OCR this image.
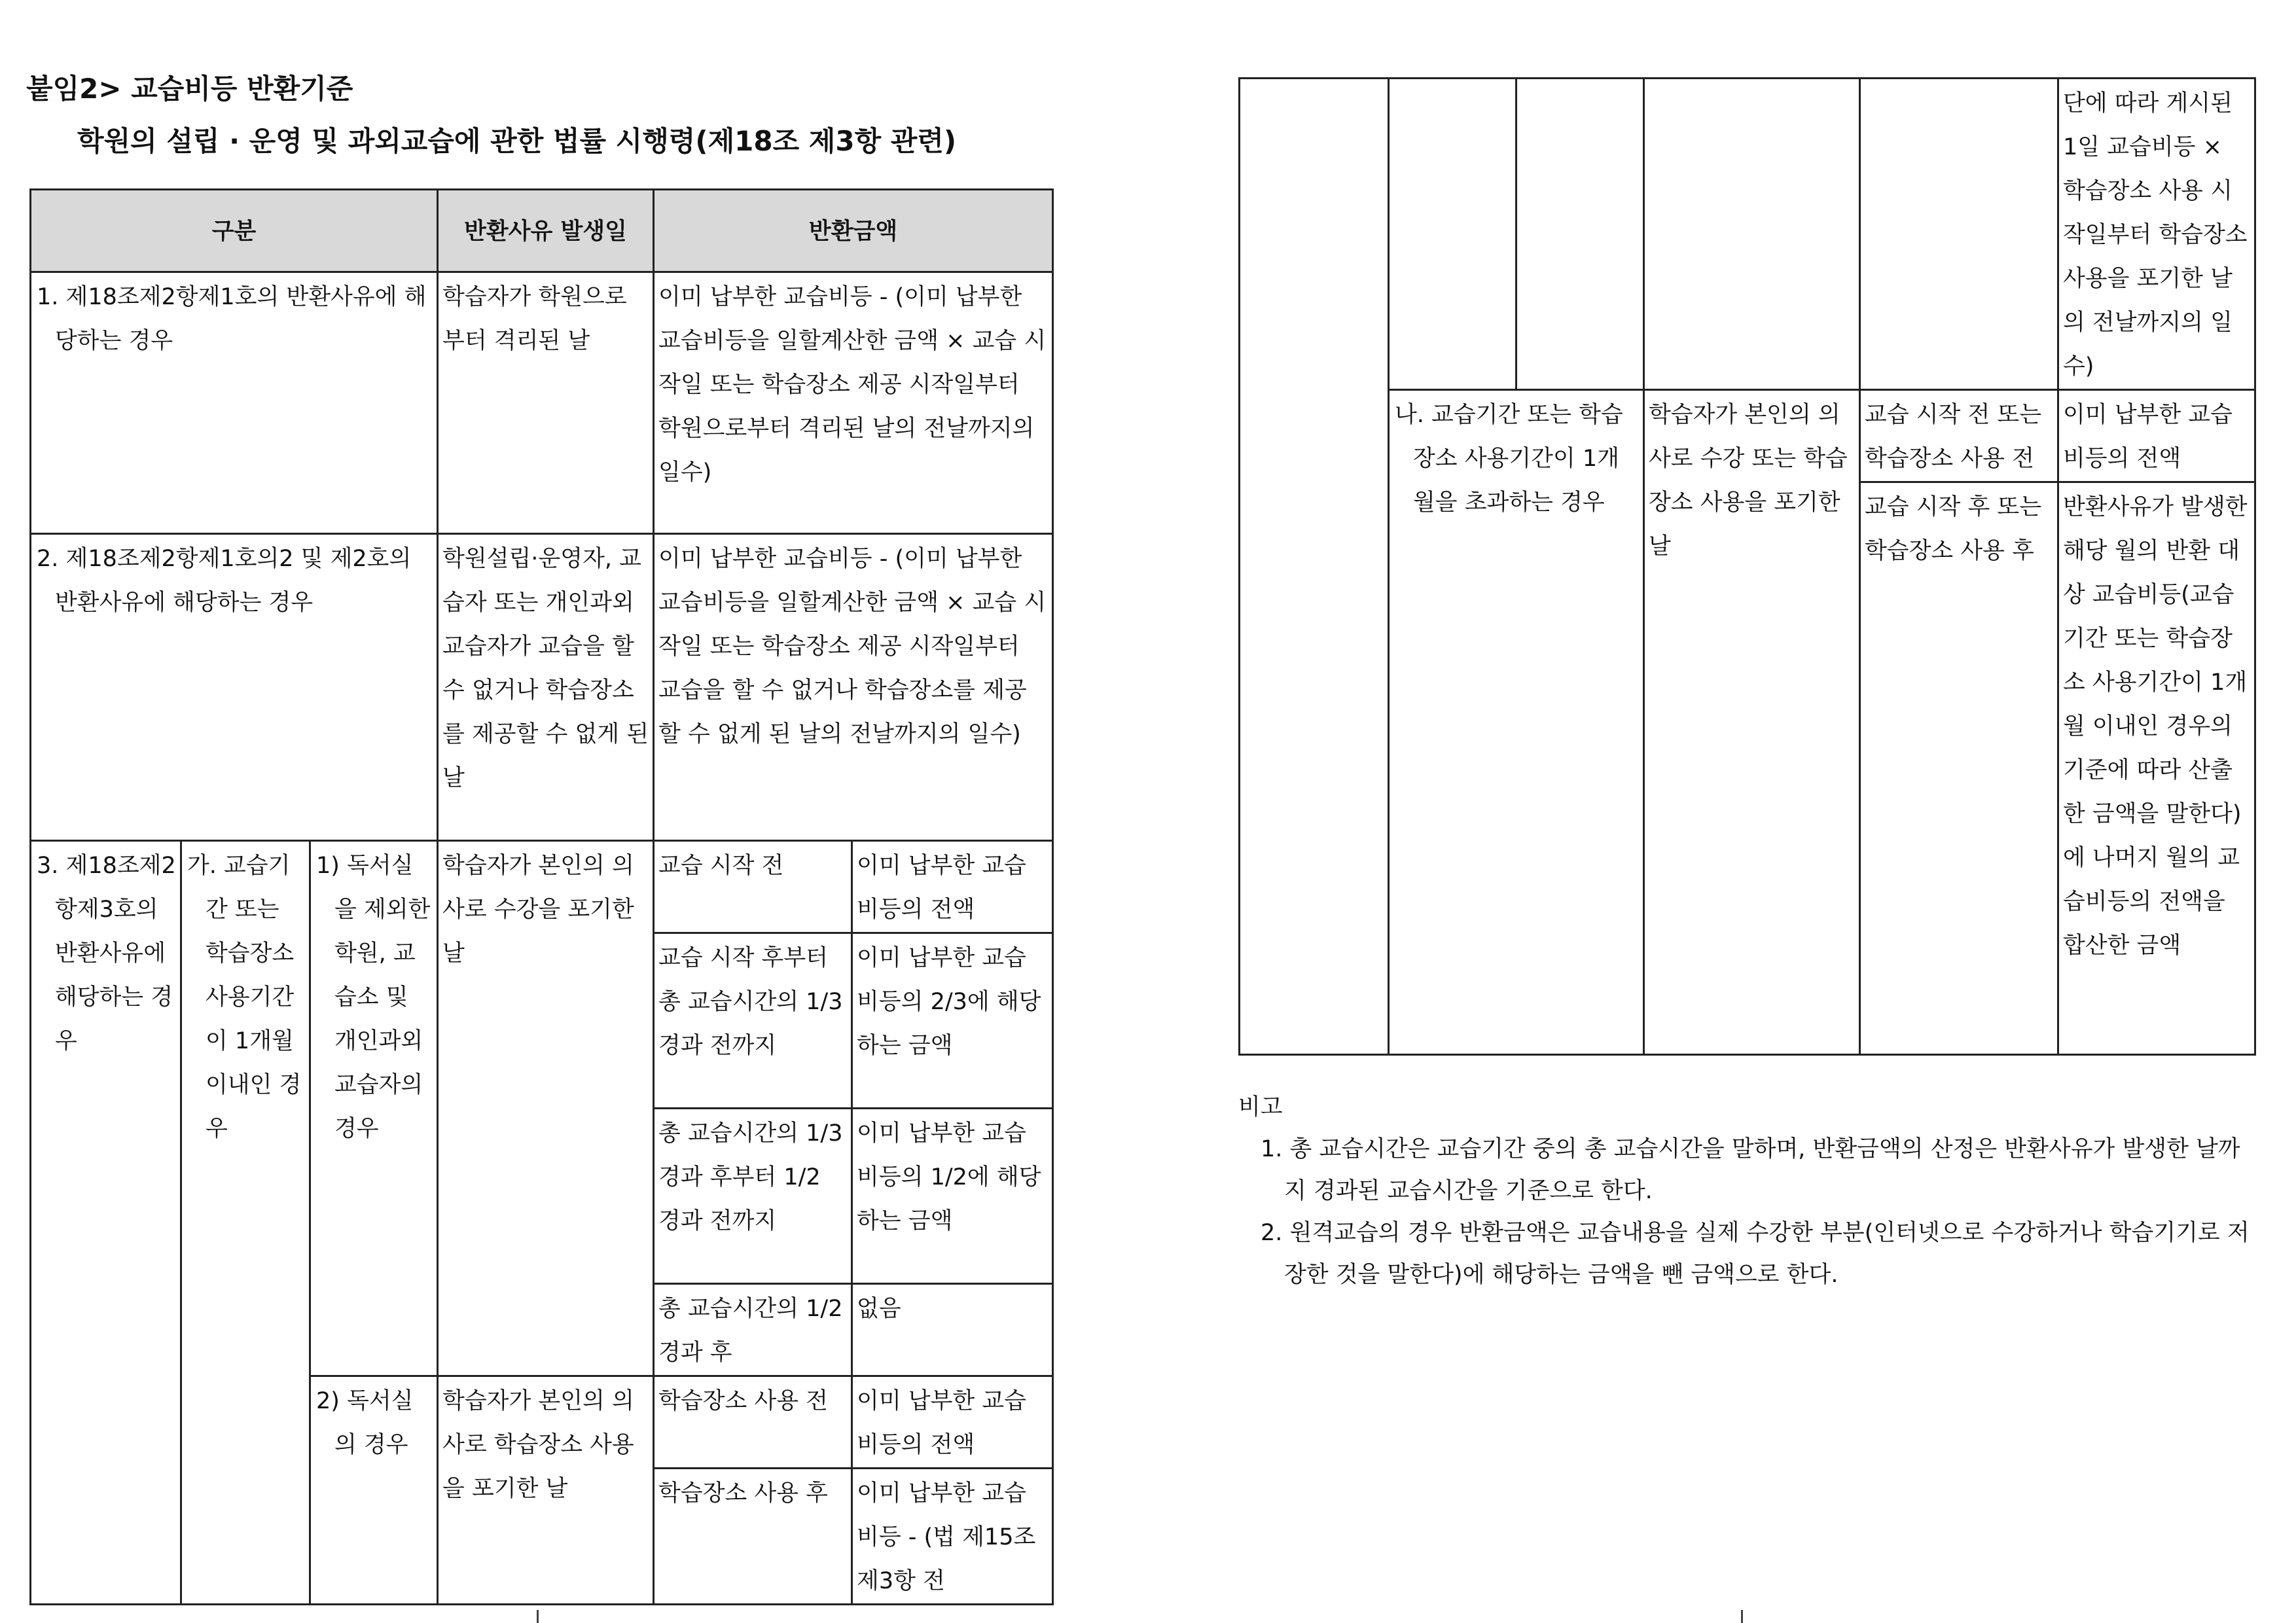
붙임2> 교습비등 반환기준
학원의 설립 · 운영 및 과외교습에 관한 법률 시행령(제18조 제3항 관련)
구분			반환사유 발생일	반환금액	
1. 제18조제2항제1호의 반환사유에 해당하는 경우			학습자가 학원으로부터 격리된 날	이미 납부한 교습비등 - (이미 납부한 교습비등을 일할계산한 금액 × 교습 시작일 또는 학습장소 제공 시작일부터 학원으로부터 격리된 날의 전날까지의 일수)	
2. 제18조제2항제1호의2 및 제2호의 반환사유에 해당하는 경우			학원설립·운영자, 교습자 또는 개인과외교습자가 교습을 할 수 없거나 학습장소를 제공할 수 없게 된 날	이미 납부한 교습비등 - (이미 납부한 교습비등을 일할계산한 금액 × 교습 시작일 또는 학습장소 제공 시작일부터 교습을 할 수 없거나 학습장소를 제공할 수 없게 된 날의 전날까지의 일수)	
3. 제18조제2항제3호의 반환사유에 해당하는 경우	가. 교습기간 또는 학습장소 사용기간이 1개월 이내인 경우	1) 독서실을 제외한 학원, 교습소 및 개인과외교습자의 경우	학습자가 본인의 의사로 수강을 포기한 날	교습 시작 전	이미 납부한 교습비등의 전액
				교습 시작 후부터 총 교습시간의 1/3 경과 전까지	이미 납부한 교습비등의 2/3에 해당하는 금액
				총 교습시간의 1/3 경과 후부터 1/2 경과 전까지	이미 납부한 교습비등의 1/2에 해당하는 금액
				총 교습시간의 1/2 경과 후	없음
		2) 독서실의 경우	학습자가 본인의 의사로 학습장소 사용을 포기한 날	학습장소 사용 전	이미 납부한 교습비등의 전액
				학습장소 사용 후	이미 납부한 교습비등 - (법 제15조제3항 전
					단에 따라 게시된 1일 교습비등 × 학습장소 사용 시작일부터 학습장소 사용을 포기한 날의 전날까지의 일수)
	나. 교습기간 또는 학습장소 사용기간이 1개월을 초과하는 경우		학습자가 본인의 의사로 수강 또는 학습장소 사용을 포기한 날	교습 시작 전 또는 학습장소 사용 전	이미 납부한 교습비등의 전액
				교습 시작 후 또는 학습장소 사용 후	반환사유가 발생한 해당 월의 반환 대상 교습비등(교습기간 또는 학습장소 사용기간이 1개월 이내인 경우의 기준에 따라 산출한 금액을 말한다)에 나머지 월의 교습비등의 전액을 합산한 금액
비고
1. 총 교습시간은 교습기간 중의 총 교습시간을 말하며, 반환금액의 산정은 반환사유가 발생한 날까지 경과된 교습시간을 기준으로 한다.
2. 원격교습의 경우 반환금액은 교습내용을 실제 수강한 부분(인터넷으로 수강하거나 학습기기로 저장한 것을 말한다)에 해당하는 금액을 뺀 금액으로 한다.
